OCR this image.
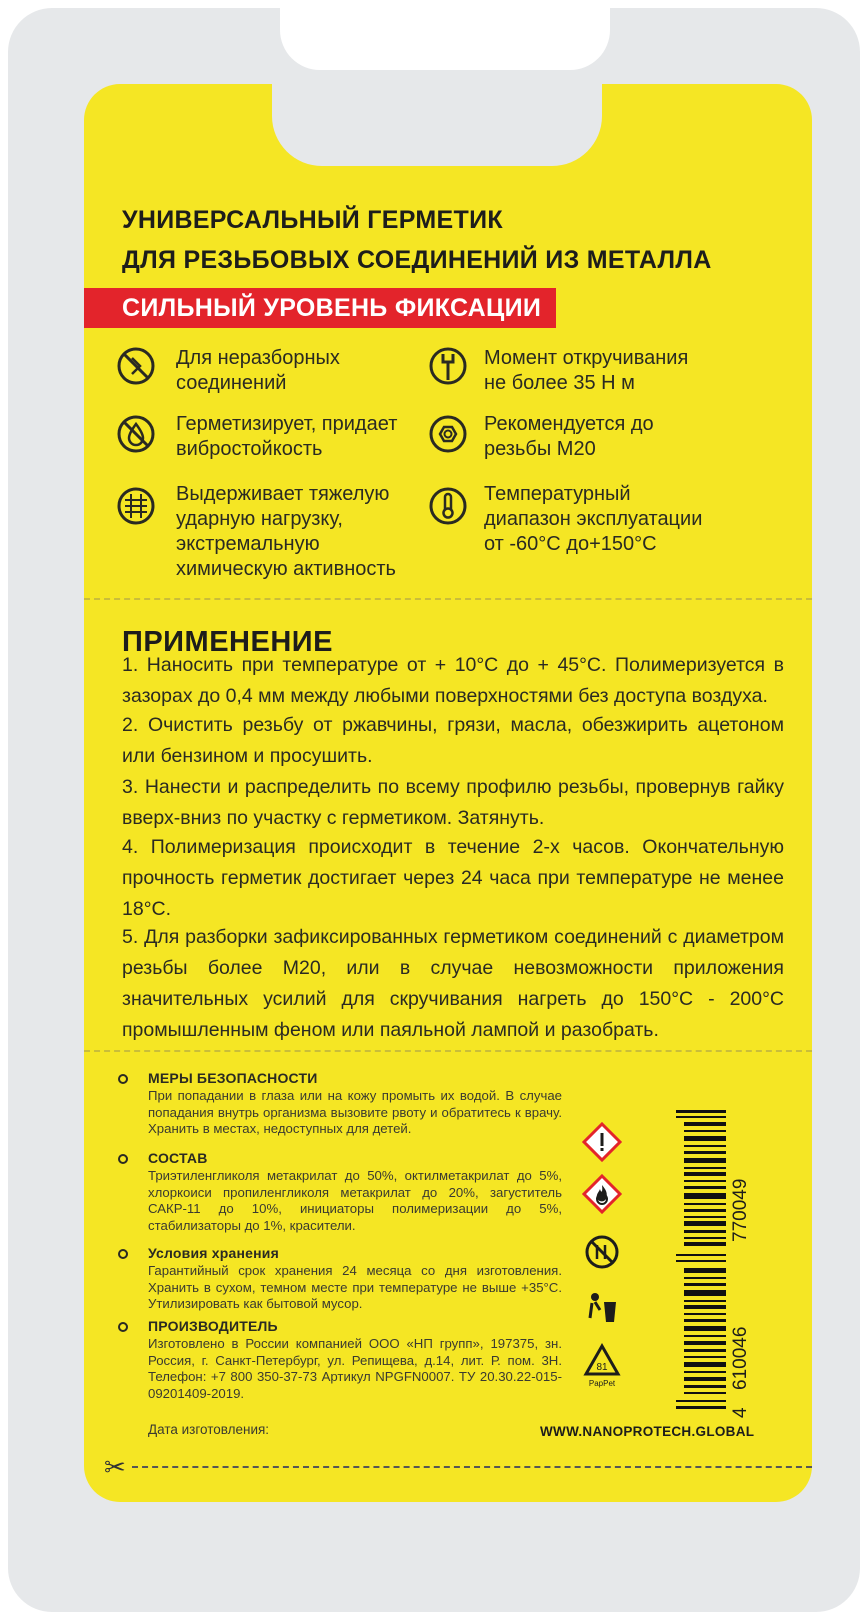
УНИВЕРСАЛЬНЫЙ ГЕРМЕТИК
ДЛЯ РЕЗЬБОВЫХ СОЕДИНЕНИЙ ИЗ МЕТАЛЛА
СИЛЬНЫЙ УРОВЕНЬ ФИКСАЦИИ
Для неразборных
соединений
Момент откручивания
не более 35 Н м
Герметизирует, придает
вибростойкость
Рекомендуется до
резьбы М20
Выдерживает тяжелую
ударную нагрузку,
экстремальную
химическую активность
Температурный
диапазон эксплуатации
от -60°С до+150°С
ПРИМЕНЕНИЕ
1. Наносить при температуре от + 10°С до + 45°С. Полимеризуется в зазорах до 0,4 мм между любыми поверхностями без доступа воздуха.
2. Очистить резьбу от ржавчины, грязи, масла, обезжирить ацетоном или бензином и просушить.
3. Нанести и распределить по всему профилю резьбы, провернув гайку вверх-вниз по участку с герметиком. Затянуть.
4. Полимеризация происходит в течение 2-х часов. Окончательную прочность герметик достигает через 24 часа при температуре не менее 18°С.
5. Для разборки зафиксированных герметиком соединений с диаметром резьбы более М20, или в случае невозможности приложения значительных усилий для скручивания нагреть до 150°С - 200°С промышленным феном или паяльной лампой и разобрать.
МЕРЫ БЕЗОПАСНОСТИ
При попадании в глаза или на кожу промыть их водой. В случае попадания внутрь организма вызовите рвоту и обратитесь к врачу. Хранить в местах, недоступных для детей.
СОСТАВ
Триэтиленгликоля метакрилат до 50%, октилметакрилат до 5%, хлоркоиси пропиленгликоля метакрилат до 20%, загуститель САКР-11 до 10%, инициаторы полимеризации до 5%, стабилизаторы до 1%, красители.
Условия хранения
Гарантийный срок хранения 24 месяца со дня изготовления. Хранить в сухом, темном месте при температуре не выше +35°С. Утилизировать как бытовой мусор.
ПРОИЗВОДИТЕЛЬ
Изготовлено в России компанией ООО «НП групп», 197375, зн. Россия, г. Санкт-Петербург, ул. Репищева, д.14, лит. Р. пом. 3Н. Телефон: +7 800 350-37-73 Артикул NPGFN0007. ТУ 20.30.22-015-09201409-2019.
81
PapPet
4
610046
770049
Дата изготовления:	WWW.NANOPROTECH.GLOBAL
✂
